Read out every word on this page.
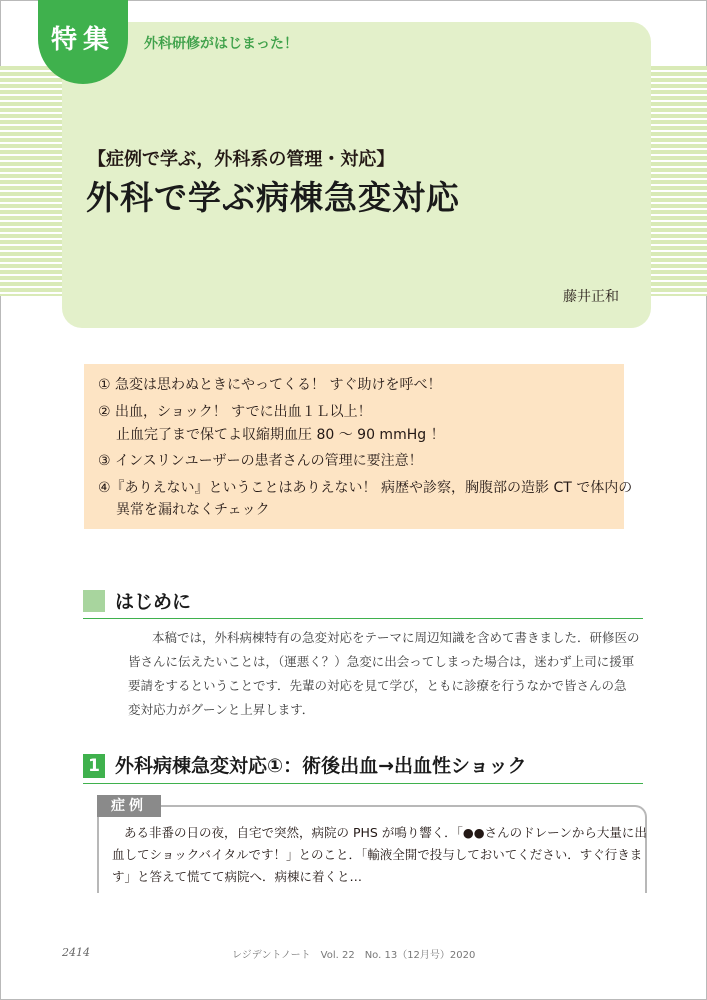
特集	外科研修がはじまった！
【症例で学ぶ，外科系の管理・対応】
外科で学ぶ病棟急変対応
藤井正和
① 急変は思わぬときにやってくる！ すぐ助けを呼べ！
② 出血，ショック！ すでに出血１Ｌ以上！
止血完了まで保てよ収縮期血圧 80 ～ 90 mmHg ！
③ インスリンユーザーの患者さんの管理に要注意！
④『ありえない』ということはありえない！ 病歴や診察，胸腹部の造影 CT で体内の
異常を漏れなくチェック
はじめに

本稿では，外科病棟特有の急変対応をテーマに周辺知識を含めて書きました．研修医の

皆さんに伝えたいことは，（運悪く？）急変に出会ってしまった場合は，迷わず上司に援軍

要請をするということです．先輩の対応を見て学び，ともに診療を行うなかで皆さんの急

変対応力がグーンと上昇します．

1 外科病棟急変対応①：術後出血→出血性ショック
症例

ある非番の日の夜，自宅で突然，病院の PHS が鳴り響く．「●●さんのドレーンから大量に出

血してショックバイタルです！」とのこと．「輸液全開で投与しておいてください．すぐ行きま

す」と答えて慌てて病院へ．病棟に着くと…

2414	レジデントノート　Vol. 22　No. 13（12月号）2020
